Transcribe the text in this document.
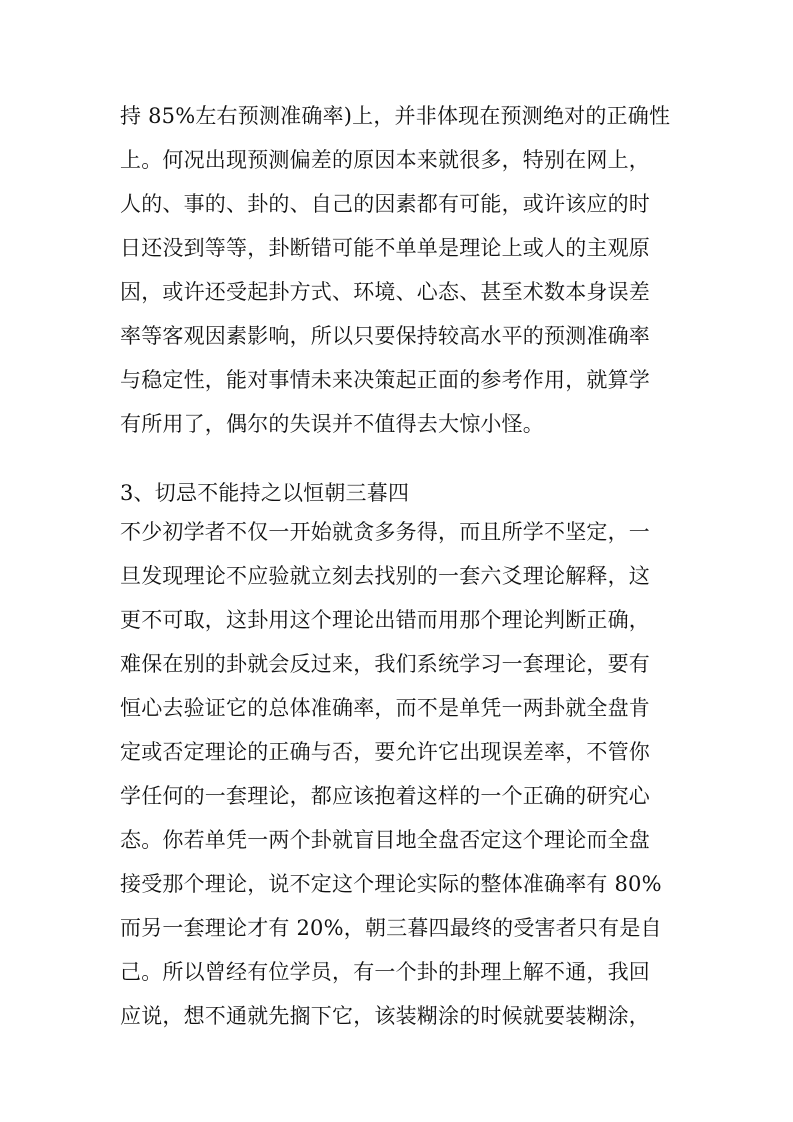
持 85%左右预测准确率)上，并非体现在预测绝对的正确性
上。何况出现预测偏差的原因本来就很多，特别在网上，
人的、事的、卦的、自己的因素都有可能，或许该应的时
日还没到等等，卦断错可能不单单是理论上或人的主观原
因，或许还受起卦方式、环境、心态、甚至术数本身误差
率等客观因素影响，所以只要保持较高水平的预测准确率
与稳定性，能对事情未来决策起正面的参考作用，就算学
有所用了，偶尔的失误并不值得去大惊小怪。
3、切忌不能持之以恒朝三暮四
不少初学者不仅一开始就贪多务得，而且所学不坚定，一
旦发现理论不应验就立刻去找别的一套六爻理论解释，这
更不可取，这卦用这个理论出错而用那个理论判断正确，
难保在别的卦就会反过来，我们系统学习一套理论，要有
恒心去验证它的总体准确率，而不是单凭一两卦就全盘肯
定或否定理论的正确与否，要允许它出现误差率，不管你
学任何的一套理论，都应该抱着这样的一个正确的研究心
态。你若单凭一两个卦就盲目地全盘否定这个理论而全盘
接受那个理论，说不定这个理论实际的整体准确率有 80%
而另一套理论才有 20%，朝三暮四最终的受害者只有是自
己。所以曾经有位学员，有一个卦的卦理上解不通，我回
应说，想不通就先搁下它，该装糊涂的时候就要装糊涂，
